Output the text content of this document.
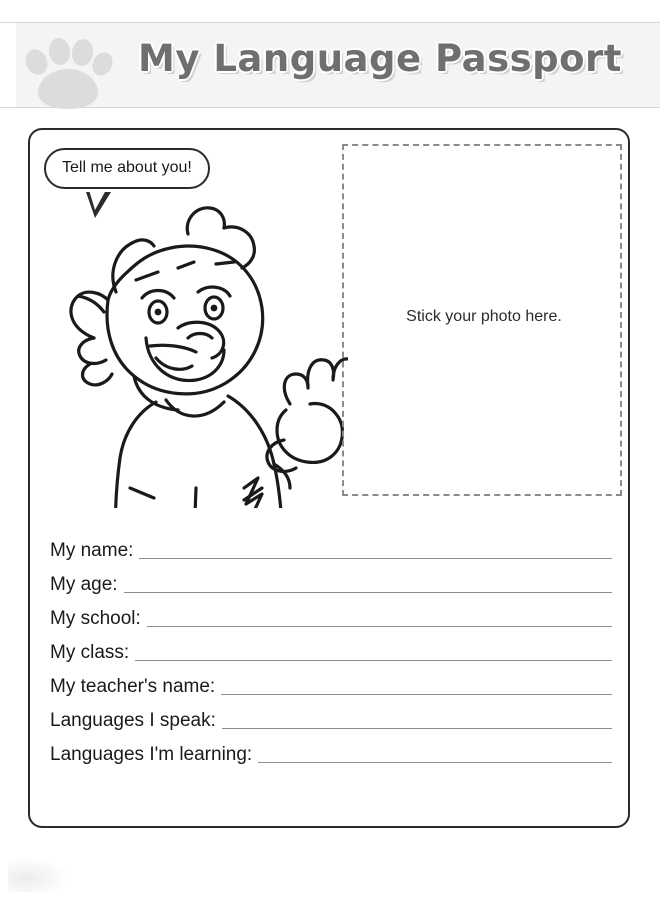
My Language Passport
Tell me about you!
Stick your photo here.
My name:
My age:
My school:
My class:
My teacher's name:
Languages I speak:
Languages I'm learning:
